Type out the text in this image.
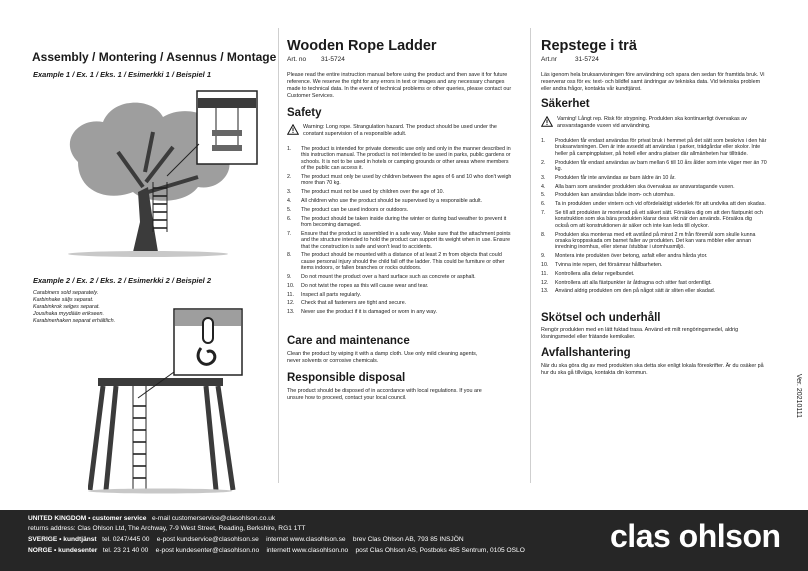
Assembly / Montering / Asennus / Montage
Example 1 / Ex. 1 / Eks. 1 / Esimerkki 1 / Beispiel 1
Example 2 / Ex. 2 / Eks. 2 / Esimerkki 2 / Beispiel 2
Carabiners sold separately.
Karbinhake säljs separat.
Karabinkrok selges separat.
Jousihaka myydään erikseen.
Karabinerhaken separat erhältlich.
Wooden Rope Ladder
Art. no 31-5724
Please read the entire instruction manual before using the product and then save it for future reference. We reserve the right for any errors in text or images and any necessary changes made to technical data. In the event of technical problems or other queries, please contact our Customer Services.
Safety
Warning: Long rope. Strangulation hazard. The product should be used under the constant supervision of a responsible adult.
1.	The product is intended for private domestic use only and only in the manner described in this instruction manual. The product is not intended to be used in parks, public gardens or schools. It is not to be used in hotels or camping grounds or other areas where members of the public can access it.
2.	The product must only be used by children between the ages of 6 and 10 who don't weigh more than 70 kg.
3.	The product must not be used by children over the age of 10.
4.	All children who use the product should be supervised by a responsible adult.
5.	The product can be used indoors or outdoors.
6.	The product should be taken inside during the winter or during bad weather to prevent it from becoming damaged.
7.	Ensure that the product is assembled in a safe way. Make sure that the attachment points and the structure intended to hold the product can support its weight when in use. Ensure that the construction is safe and won't lead to accidents.
8.	The product should be mounted with a distance of at least 2 m from objects that could cause personal injury should the child fall off the ladder. This could be furniture or other items indoors, or fallen branches or rocks outdoors.
9.	Do not mount the product over a hard surface such as concrete or asphalt.
10.	Do not twist the ropes as this will cause wear and tear.
11.	Inspect all parts regularly.
12.	Check that all fasteners are tight and secure.
13.	Never use the product if it is damaged or worn in any way.
Care and maintenance
Clean the product by wiping it with a damp cloth. Use only mild cleaning agents, never solvents or corrosive chemicals.
Responsible disposal
The product should be disposed of in accordance with local regulations. If you are unsure how to proceed, contact your local council.
Repstege i trä
Art.nr	31-5724
Läs igenom hela bruksanvisningen före användning och spara den sedan för framtida bruk. Vi reserverar oss för ev. text- och bildfel samt ändringar av tekniska data. Vid tekniska problem eller andra frågor, kontakta vår kundtjänst.
Säkerhet
Varning! Långt rep. Risk för strypning. Produkten ska kontinuerligt övervakas av ansvarstagande vuxen vid användning.
1.	Produkten får endast användas för privat bruk i hemmet på det sätt som beskrivs i den här bruksanvisningen. Den är inte avsedd att användas i parker, trädgårdar eller skolor. Inte heller på campingplatser, på hotell eller andra platser där allmänheten har tillträde.
2.	Produkten får endast användas av barn mellan 6 till 10 års ålder som inte väger mer än 70 kg.
3.	Produkten får inte användas av barn äldre än 10 år.
4.	Alla barn som använder produkten ska övervakas av ansvarstagande vuxen.
5.	Produkten kan användas både inom- och utomhus.
6.	Ta in produkten under vintern och vid ofördelaktigt väderlek för att undvika att den skadas.
7.	Se till att produkten är monterad på ett säkert sätt. Försäkra dig om att den fästpunkt och konstruktion som ska bära produkten klarar dess vikt när den används. Försäkra dig också om att konstruktionen är säker och inte kan leda till olyckor.
8.	Produkten ska monteras med ett avstånd på minst 2 m från föremål som skulle kunna orsaka kroppsskada om barnet faller av produkten. Det kan vara möbler eller annan inredning inomhus, eller stenar /stubbar i utomhusmiljö.
9.	Montera inte produkten över betong, asfalt eller andra hårda ytor.
10.	Tvinna inte repen, det försämrar hållbarheten.
11.	Kontrollera alla delar regelbundet.
12.	Kontrollera att alla fästpunkter är åtdragna och sitter fast ordentligt.
13.	Använd aldrig produkten om den på något sätt är sliten eller skadad.
Skötsel och underhåll
Rengör produkten med en lätt fuktad trasa. Använd ett milt rengöringsmedel, aldrig lösningsmedel eller frätande kemikalier.
Avfallshantering
När du ska göra dig av med produkten ska detta ske enligt lokala föreskrifter. Är du osäker på hur du ska gå tillväga, kontakta din kommun.
Ver. 20210111
UNITED KINGDOM • customer service e-mail customerservice@clasohlson.co.uk
returns address: Clas Ohlson Ltd, The Archway, 7-9 West Street, Reading, Berkshire, RG1 1TT
SVERIGE • kundtjänst tel. 0247/445 00    e-post kundservice@clasohlson.se    internet www.clasohlson.se    brev Clas Ohlson AB, 793 85 INSJÖN
NORGE • kundesenter tel. 23 21 40 00    e-post kundesenter@clasohlson.no    internett www.clasohlson.no    post Clas Ohlson AS, Postboks 485 Sentrum, 0105 OSLO	clas ohlson
